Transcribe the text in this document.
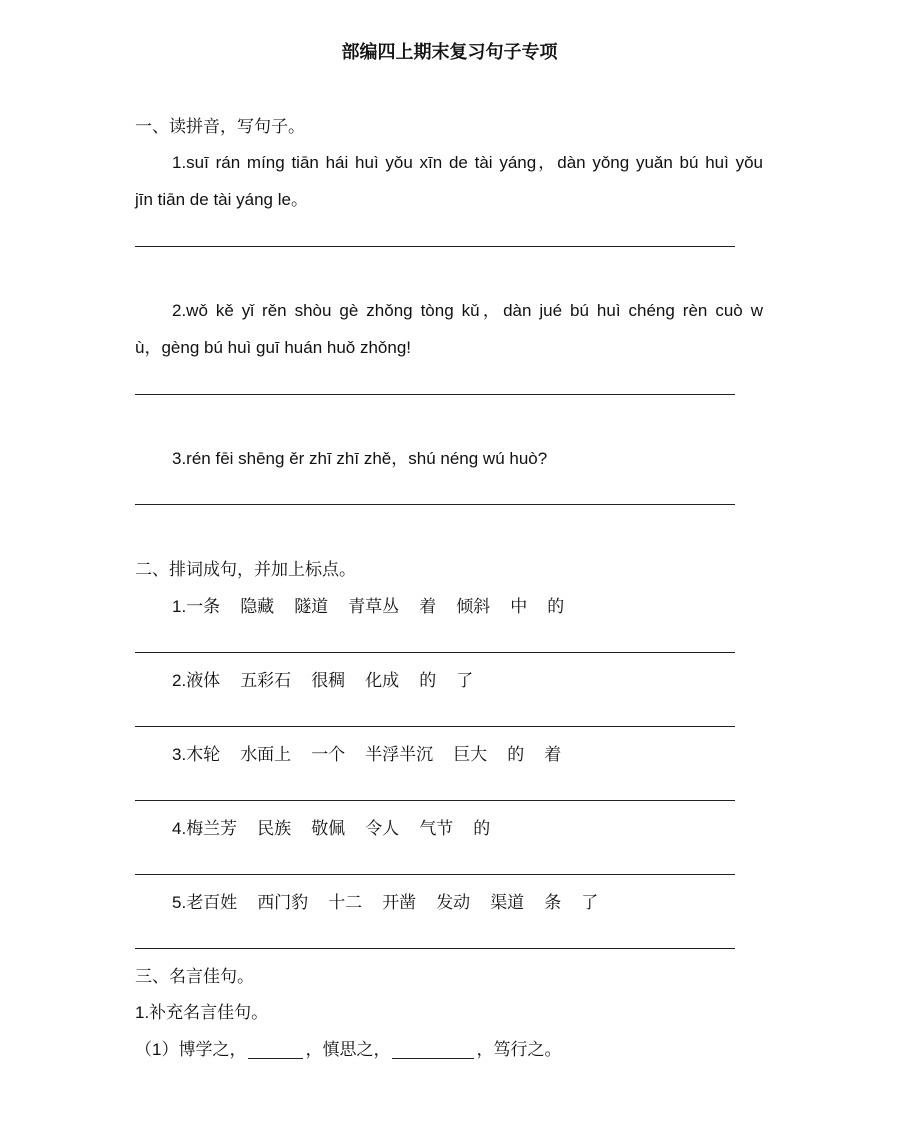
部编四上期末复习句子专项
一、读拼音，写句子。
1.suī rán míng tiān hái huì yǒu xīn de tài yáng，dàn yǒng yuǎn bú huì yǒu
jīn tiān de tài yáng le。
2.wǒ kě yǐ rěn shòu gè zhǒng tòng kǔ，dàn jué bú huì chéng rèn cuò w
ù，gèng bú huì guī huán huǒ zhǒng!
3.rén fēi shēng ěr zhī zhī zhě，shú néng wú huò?
二、排词成句，并加上标点。
1.一条 隐藏 隧道 青草丛 着 倾斜 中 的
2.液体 五彩石 很稠 化成 的 了
3.木轮 水面上 一个 半浮半沉 巨大 的 着
4.梅兰芳 民族 敬佩 令人 气节 的
5.老百姓 西门豹 十二 开凿 发动 渠道 条 了
三、名言佳句。
1.补充名言佳句。
（1）博学之，	，慎思之，	，笃行之。
